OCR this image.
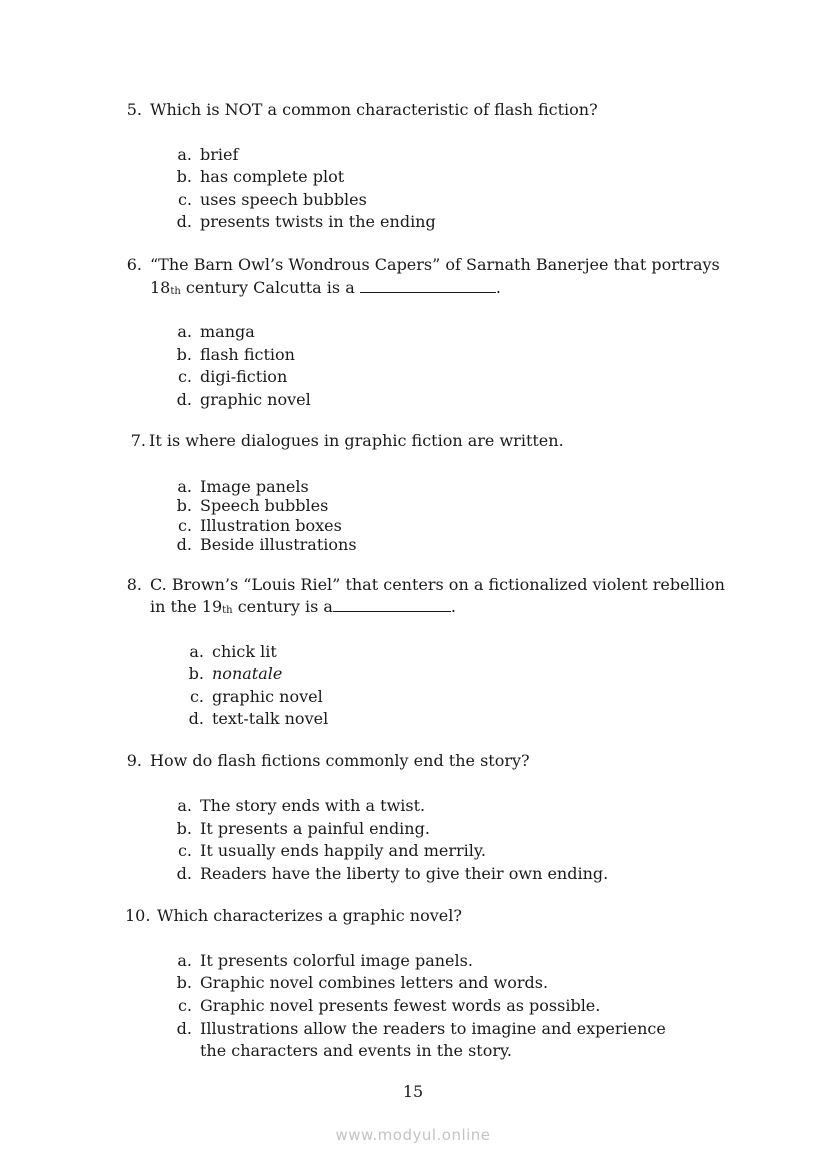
5. Which is NOT a common characteristic of flash fiction?
a. brief
b. has complete plot
c. uses speech bubbles
d. presents twists in the ending
6. “The Barn Owl’s Wondrous Capers” of Sarnath Banerjee that portrays
$18_{th}$ century Calcutta is a	.
a. manga
b. flash fiction
c. digi-fiction
d. graphic novel
7. It is where dialogues in graphic fiction are written.
a. Image panels
b. Speech bubbles
c. Illustration boxes
d. Beside illustrations
8. C. Brown’s “Louis Riel” that centers on a fictionalized violent rebellion
in the $19_{th}$ century is a	.
a. chick lit
b. nonatale
c. graphic novel
d. text-talk novel
9. How do flash fictions commonly end the story?
a. The story ends with a twist.
b. It presents a painful ending.
c. It usually ends happily and merrily.
d. Readers have the liberty to give their own ending.
10. Which characterizes a graphic novel?
a. It presents colorful image panels.
b. Graphic novel combines letters and words.
c. Graphic novel presents fewest words as possible.
d. Illustrations allow the readers to imagine and experience
the characters and events in the story.
15
www.modyul.online
